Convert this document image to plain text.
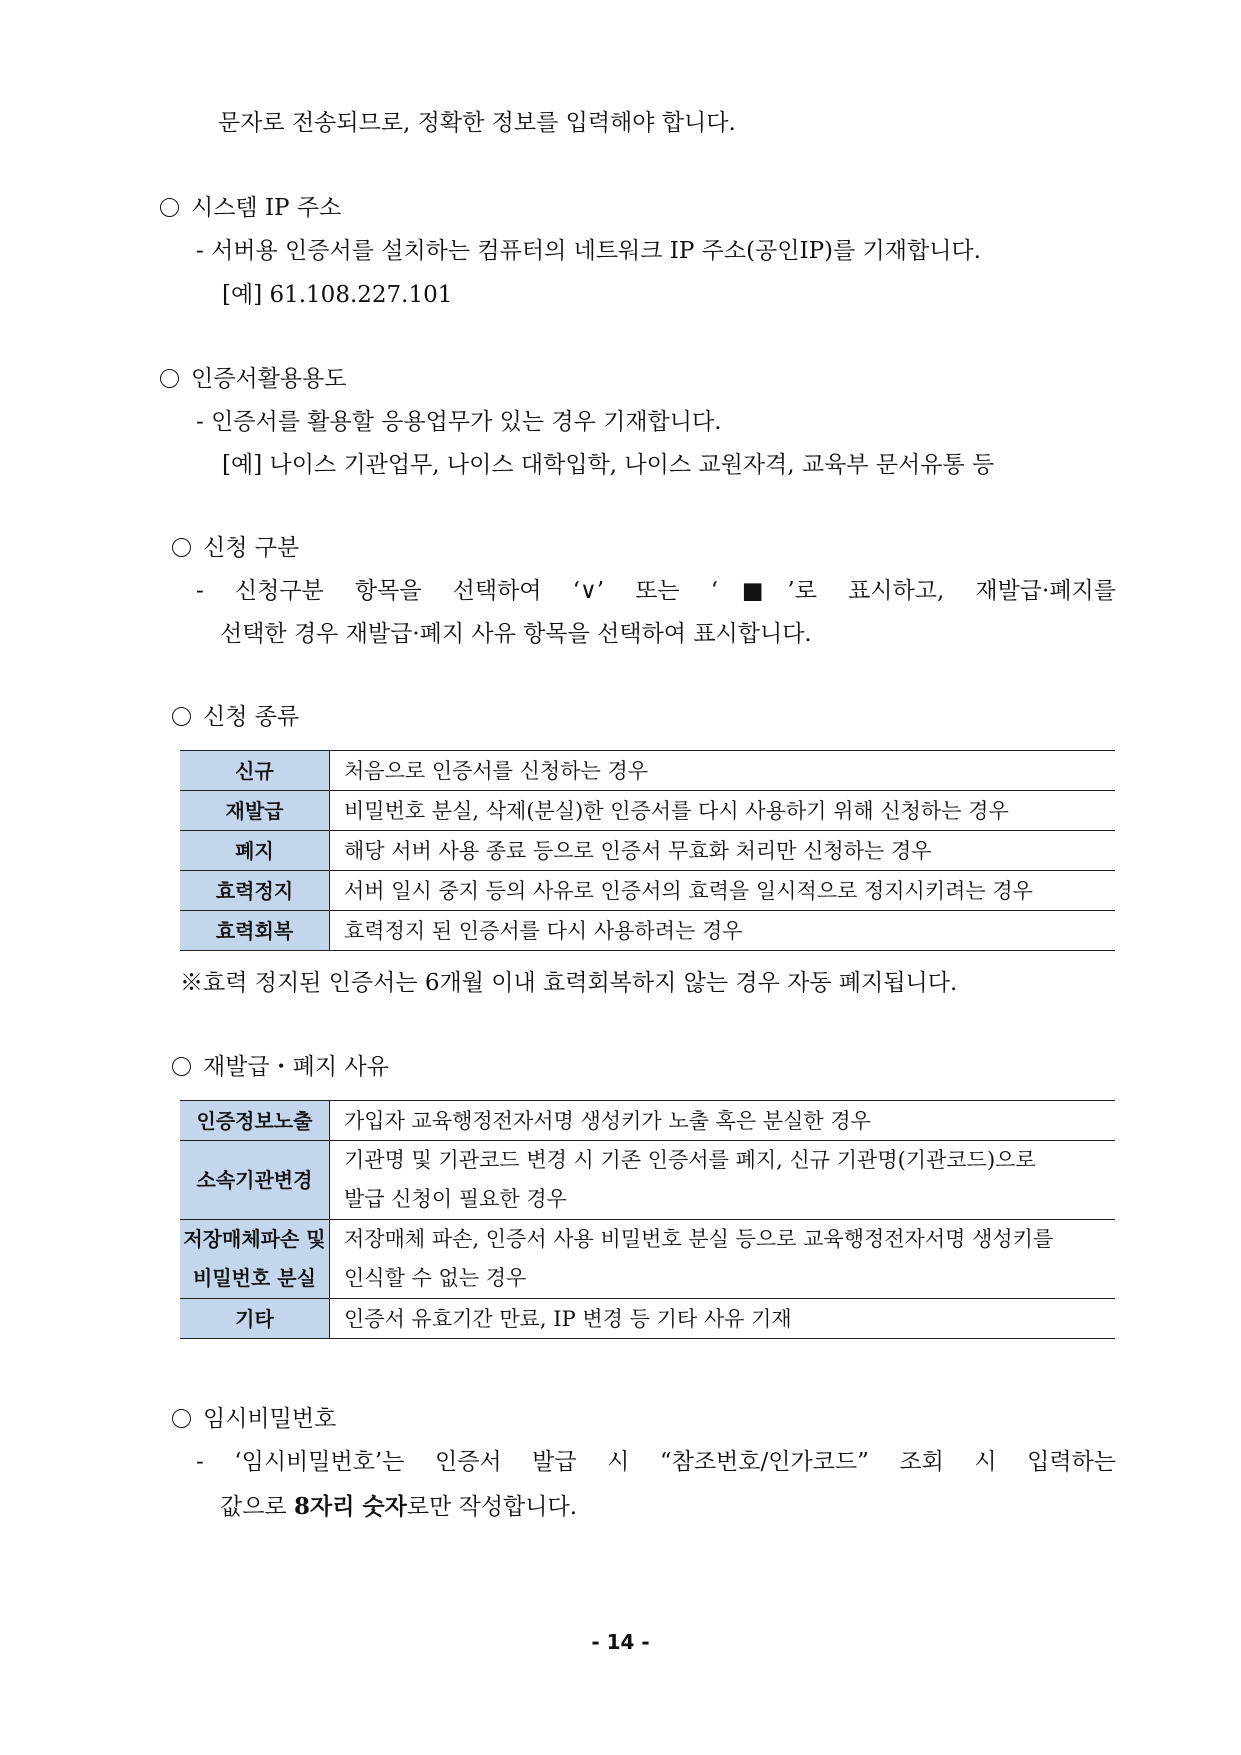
문자로 전송되므로, 정확한 정보를 입력해야 합니다.
시스템 IP 주소
- 서버용 인증서를 설치하는 컴퓨터의 네트워크 IP 주소(공인IP)를 기재합니다.
[예] 61.108.227.101
인증서활용용도
- 인증서를 활용할 응용업무가 있는 경우 기재합니다.
[예] 나이스 기관업무, 나이스 대학입학, 나이스 교원자격, 교육부 문서유통 등
신청 구분
- 신청구분 항목을 선택하여 ‘∨’ 또는 ‘■’로 표시하고, 재발급·폐지를
선택한 경우 재발급·폐지 사유 항목을 선택하여 표시합니다.
신청 종류
신규	처음으로 인증서를 신청하는 경우
재발급	비밀번호 분실, 삭제(분실)한 인증서를 다시 사용하기 위해 신청하는 경우
폐지	해당 서버 사용 종료 등으로 인증서 무효화 처리만 신청하는 경우
효력정지	서버 일시 중지 등의 사유로 인증서의 효력을 일시적으로 정지시키려는 경우
효력회복	효력정지 된 인증서를 다시 사용하려는 경우
※효력 정지된 인증서는 6개월 이내 효력회복하지 않는 경우 자동 폐지됩니다.
재발급・폐지 사유
인증정보노출	가입자 교육행정전자서명 생성키가 노출 혹은 분실한 경우
소속기관변경	기관명 및 기관코드 변경 시 기존 인증서를 폐지, 신규 기관명(기관코드)으로
발급 신청이 필요한 경우

저장매체파손 및
비밀번호 분실	저장매체 파손, 인증서 사용 비밀번호 분실 등으로 교육행정전자서명 생성키를
인식할 수 없는 경우

기타	인증서 유효기간 만료, IP 변경 등 기타 사유 기재
임시비밀번호
- ‘임시비밀번호’는 인증서 발급 시 “참조번호/인가코드” 조회 시 입력하는
값으로 8자리 숫자로만 작성합니다.
- 14 -
